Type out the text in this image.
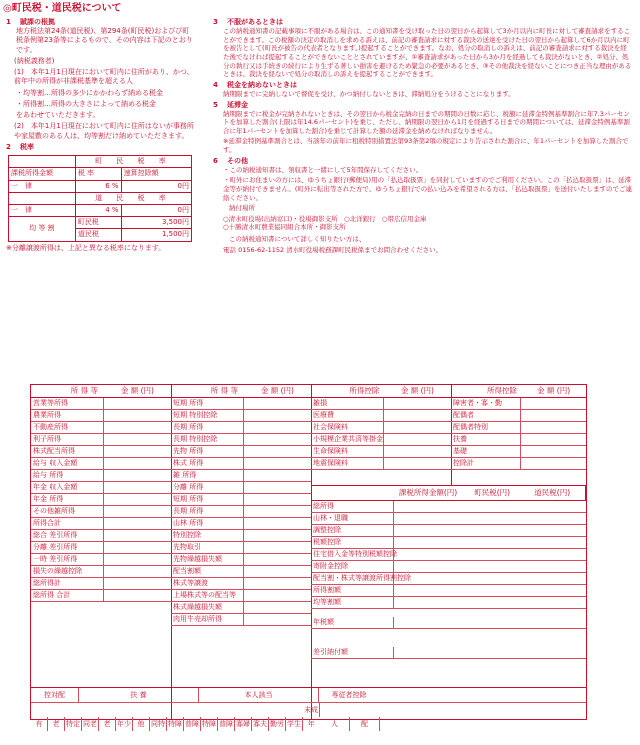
◎町民税・道民税について
1 賦課の根拠
地方税法第24条(道民税)、第294条(町民税)およびび町税条例第23条等によるもので、その内容は下記のとおりです。
(納税義務者)
(1)　本年1月1日現在において町内に住所があり、かつ、前年中の所得が非課税基準を超える人
・均等割…所得の多少にかかわらず納める税金
・所得割…所得の大きさによって納める税金
をあわせていただきます。
(2)　本年1月1日現在において町内に住所はないが事務所や家屋敷のある人は、均等割だけ納めていただきます。
2 税率
	町 民 税 率	
課税所得金額	税 率	速算控除額
一　律	6 %	0円
	道 民 税 率	
一　律	4 %	0円
均 等 割	町民税	3,500円
	道民税	1,500円
※分離譲渡所得は、上記と異なる税率になります。
3 不服があるときは
この納税通知書の記載事項に不服がある場合は、この通知書を受け取った日の翌日から起算して3か月以内に町長に対して審査請求をすることができます。この税額の決定の取消しを求める訴えは、前記の審査請求に対する裁決の送達を受けた日の翌日から起算して6か月以内に町を被告として(町長が被告の代表者となります。)提起することができます。なお、処分の取消しの訴えは、前記の審査請求に対する裁決を経た後でなければ提起することができないこととされていますが、①審査請求があった日から3か月を経過しても裁決がないとき、②処分、処分の執行又は手続きの続行により生ずる著しい損害を避けるため緊急の必要があるとき、③その他裁決を経ないことにつき正当な理由があるときは、裁決を経ないで処分の取消しの訴えを提起することができます。
4 税金を納めないときは
納期限までに完納しないで督促を受け、かつ納付しないときは、滞納処分をうけることになります。
5 延滞金
納期限までに税金が完納されないときは、その翌日から税金完納の日までの期間の日数に応じ、税額に延滞金特例基準割合に年7.3パーセントを加算した割合(上限は年14.6パーセント)を乗じ、ただし、納期限の翌日から1月を経過する日までの期間については、延滞金特例基準割合に年1パーセントを加算した割合)を乗じて計算した額の延滞金を納めなければなりません。
※延滞金特例基準割合とは、当該年の前年に租税特別措置法第93条第2項の規定により告示された割合に、年1パーセントを加算した割合です。
6 その他
・この納税通知書は、領収書と一緒にして5年間保存してください。
・町外にお住まいの方には、ゆうちょ銀行(郵便局)用の「払込取扱票」を同封していますのでご利用ください。この「払込取扱票」は、延滞金等が納付できません。(町外に転出等された方で、ゆうちょ銀行での払い込みを希望される方は、「払込取扱票」を送付いたしますのでご連絡ください。
納付場所
○清水町役場(出納窓口)・役場御影支所 ○北洋銀行 ○帯広信用金庫
○十勝清水町農業協同組合本所・御影支所
この納税通知書について詳しく知りたい方は、
電話 0156-62-1152 清水町役場税務課町民税係までお問合わせください。
所 得 等	金 額 (円)
営業等所得
農業所得
不動産所得
利子所得
株式配当所得
給与 収入金額
給与 所得
年金 収入金額
年金 所得
その他雑所得
所得合計
総合 差引所得
分離 差引所得
一時 差引所得
損失の繰越控除
総所得計
総所得 合計
所 得 等	金 額 (円)
短期 所得
短期 特別控除
長期 所得
長期 特別控除
先物 所得
株式 所得
雑 所得
分離 所得
短期 所得
長期 所得
山林 所得
特別控除
先物取引
先物繰越損失額
配当割額
株式等譲渡
上場株式等の配当等
株式繰越損失額
肉用牛売却所得
所得控除	金 額 (円)
雑損
医療費
社会保険料
小規模企業共済等掛金
生命保険料
地震保険料
所得控除	金 額 (円)
障害者・寡・勤
配偶者
配偶者特別
扶養
基礎
控除計
課税所得金額(円) 町民税(円)	道民税(円)
総所得
山林・退職
調整控除
税額控除
住宅借入金等特別税額控除
寄附金控除
配当割・株式等譲渡所得割控除
所得割額
均等割額
年税額
差引納付額
控対配	扶 養	本人該当	専従者控除
有 老 特定 同老 老 年少 他 同特 特障 普障 特障 普障 寡婦 寡夫 勤労 学生未成年 人	配
